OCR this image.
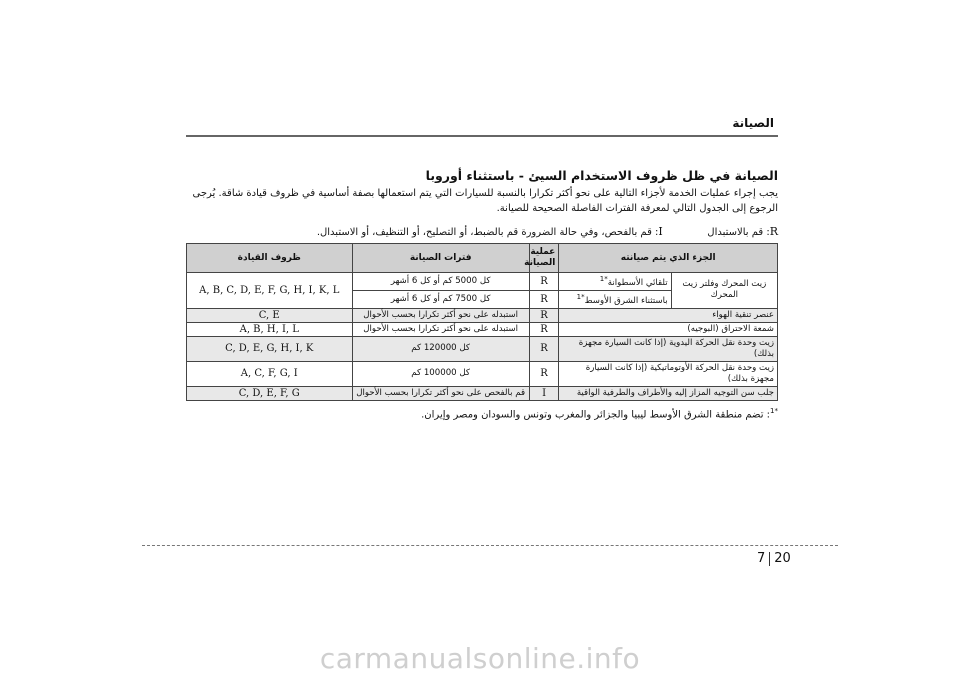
الصيانة
الصيانة في ظل ظروف الاستخدام السيئ - باستثناء أوروبا

يجب إجراء عمليات الخدمة لأجزاء التالية على نحو أكثر تكرارا بالنسبة للسيارات التي يتم استعمالها بصفة أساسية في ظروف قيادة شاقة. يُرجى الرجوع إلى الجدول التالي لمعرفة الفترات الفاصلة الصحيحة للصيانة.

R: قم بالاستبدال              I: قم بالفحص، وفي حالة الضرورة قم بالضبط، أو التصليح، أو التنظيف، أو الاستبدال.
الجزء الذي يتم صيانته		عملية الصيانة	فترات الصيانة	ظروف القيادة
زيت المحرك وفلتر زيت المحرك	تلقائي الأسطوانة$^{*1}$	R	كل 5000 كم أو كل 6 أشهر	A, B, C, D, E, F, G, H, I, K, L
	باستثناء الشرق الأوسط$^{*1}$	R	كل 7500 كم أو كل 6 أشهر	
عنصر تنقية الهواء		R	استبدله على نحو أكثر تكرارا بحسب الأحوال	C, E
شمعة الاحتراق (البوجيه)		R	استبدله على نحو أكثر تكرارا بحسب الأحوال	A, B, H, I, L
زيت وحدة نقل الحركة اليدوية (إذا كانت السيارة مجهزة بذلك)		R	كل 120000 كم	C, D, E, G, H, I, K
زيت وحدة نقل الحركة الأوتوماتيكية (إذا كانت السيارة مجهزة بذلك)		R	كل 100000 كم	A, C, F, G, I
جلب سن التوجيه المزاز إليه والأطراف والطرفية الواقية		I	قم بالفحص على نحو أكثر تكرارا بحسب الأحوال	C, D, E, F, G

$^{*1}$: تضم منطقة الشرق الأوسط ليبيا والجزائر والمغرب وتونس والسودان ومصر وإيران.

7 20
carmanualsonline.info
